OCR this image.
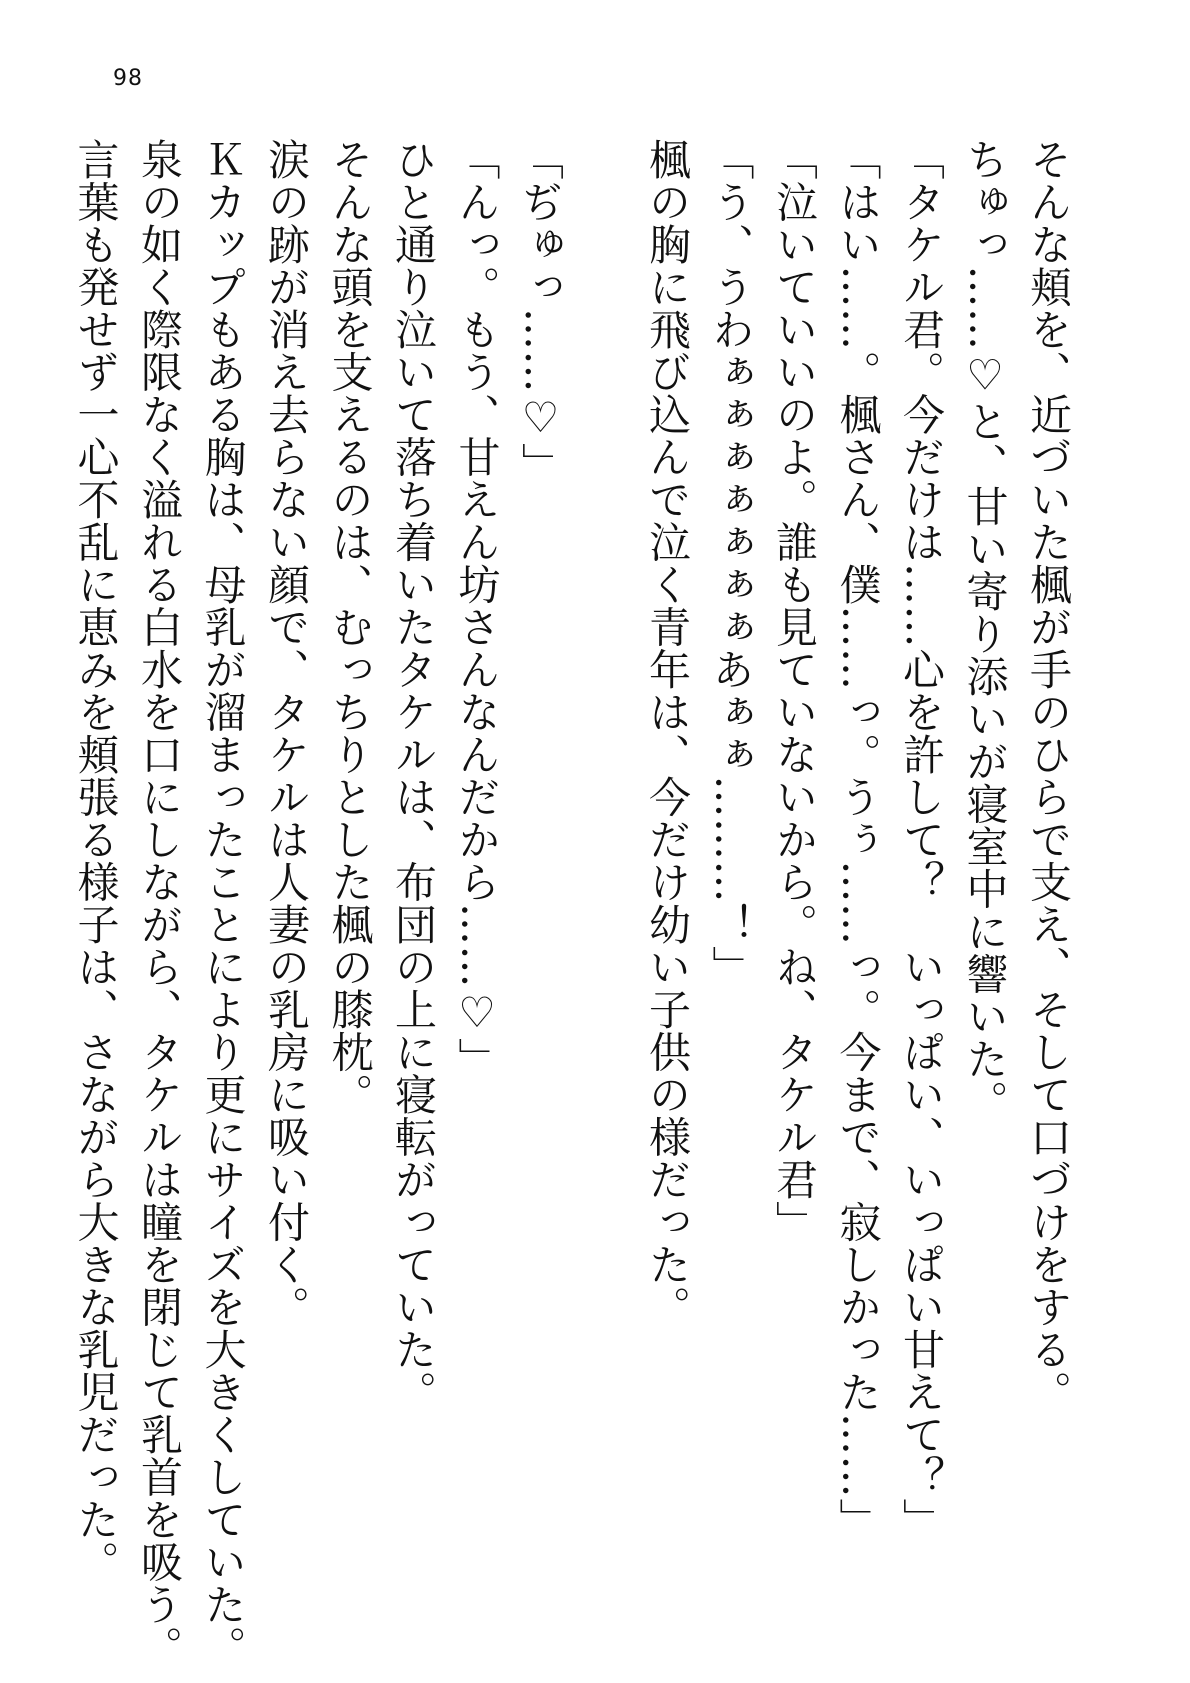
98
そんな頬を、近づいた楓が手のひらで支え、そして口づけをする。
ちゅっ……♡と、甘い寄り添いが寝室中に響いた。
「タケル君。今だけは……心を許して？　いっぱい、いっぱい甘えて？」
「はい……。楓さん、僕……っ。うぅ……っ。今まで、寂しかった……」
「泣いていいのよ。誰も見ていないから。ね、タケル君」
「う、うわぁぁぁぁぁぁぁあぁぁ………！」
楓の胸に飛び込んで泣く青年は、今だけ幼い子供の様だった。
「ぢゅっ……♡」
「んっ。もう、甘えん坊さんなんだから……♡」
ひと通り泣いて落ち着いたタケルは、布団の上に寝転がっていた。
そんな頭を支えるのは、むっちりとした楓の膝枕。
涙の跡が消え去らない顔で、タケルは人妻の乳房に吸い付く。
Ｋカップもある胸は、母乳が溜まったことにより更にサイズを大きくしていた。
泉の如く際限なく溢れる白水を口にしながら、タケルは瞳を閉じて乳首を吸う。
言葉も発せず一心不乱に恵みを頬張る様子は、さながら大きな乳児だった。
